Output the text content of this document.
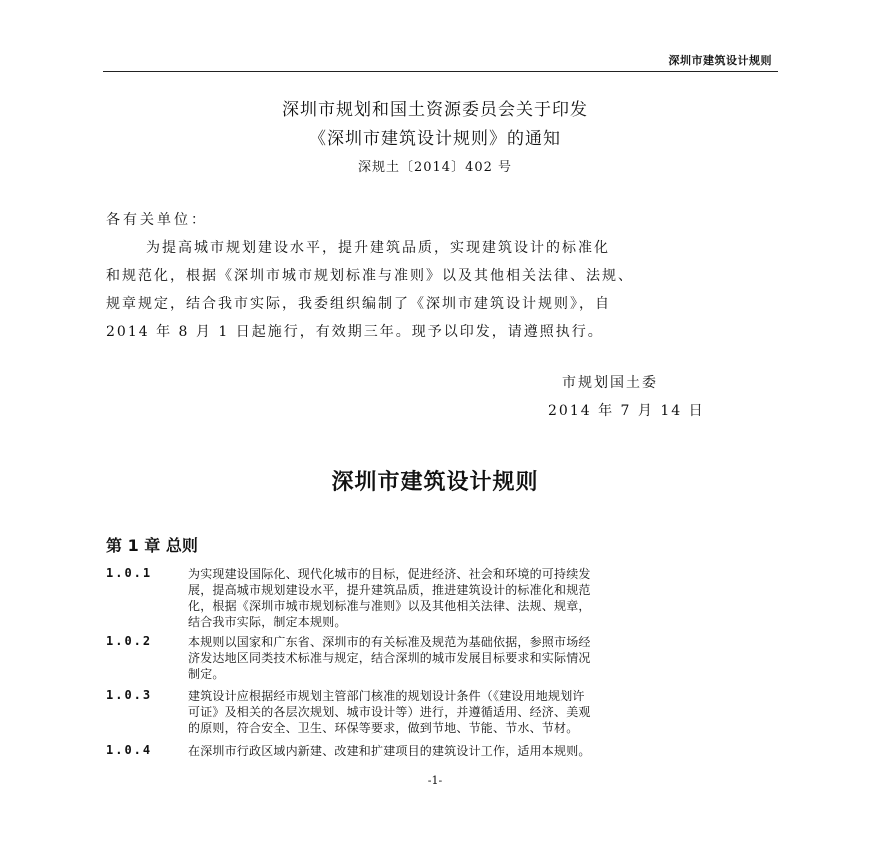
深圳市建筑设计规则
深圳市规划和国土资源委员会关于印发
《深圳市建筑设计规则》的通知
深规土〔2014〕402 号
各有关单位：
为提高城市规划建设水平，提升建筑品质，实现建筑设计的标准化
和规范化，根据《深圳市城市规划标准与准则》以及其他相关法律、法规、
规章规定，结合我市实际，我委组织编制了《深圳市建筑设计规则》，自
2014 年 8 月 1 日起施行，有效期三年。现予以印发，请遵照执行。
市规划国土委
2014 年 7 月 14 日
深圳市建筑设计规则
第 1 章 总则
1.0.1	为实现建设国际化、现代化城市的目标，促进经济、社会和环境的可持续发
展，提高城市规划建设水平，提升建筑品质，推进建筑设计的标准化和规范
化，根据《深圳市城市规划标准与准则》以及其他相关法律、法规、规章，
结合我市实际，制定本规则。
1.0.2	本规则以国家和广东省、深圳市的有关标准及规范为基础依据，参照市场经
济发达地区同类技术标准与规定，结合深圳的城市发展目标要求和实际情况
制定。
1.0.3	建筑设计应根据经市规划主管部门核准的规划设计条件（《建设用地规划许
可证》及相关的各层次规划、城市设计等）进行，并遵循适用、经济、美观
的原则，符合安全、卫生、环保等要求，做到节地、节能、节水、节材。
1.0.4	在深圳市行政区域内新建、改建和扩建项目的建筑设计工作，适用本规则。
-1-
